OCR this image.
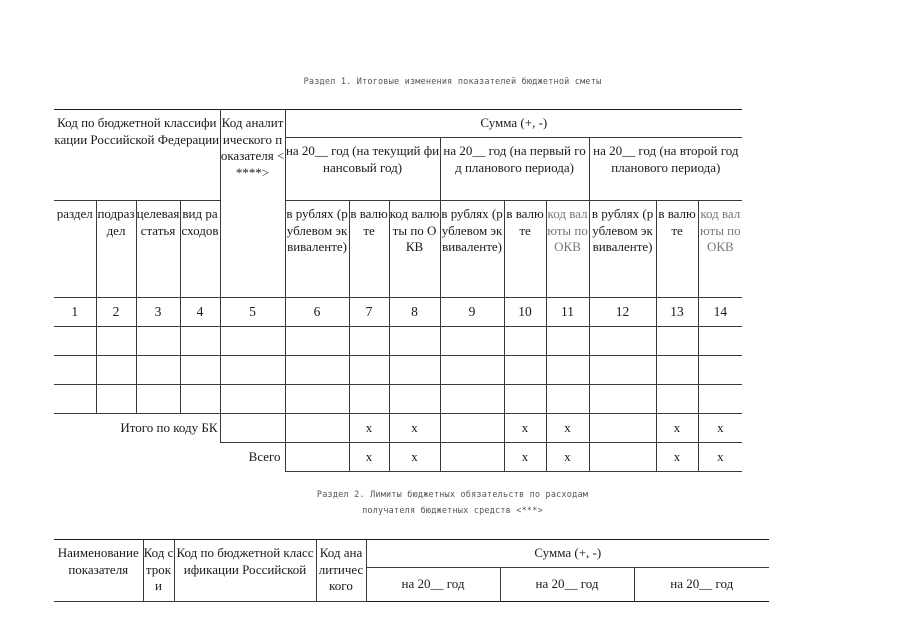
Раздел 1. Итоговые изменения показателей бюджетной сметы

Код по бюджетной классификации Российской Федерации				Код аналитического показателя <****>	Сумма (+, -)								
					на 20__ год (на текущий финансовый год)			на 20__ год (на первый год планового периода)			на 20__ год (на второй год планового периода)		
раздел	подраздел	целевая статья	вид расходов		в рублях (рублевом эквиваленте)	в валюте	код валюты по ОКВ	в рублях (рублевом эквиваленте)	в валюте	код валюты по ОКВ	в рублях (рублевом эквиваленте)	в валюте	код валюты по ОКВ
1	2	3	4	5	6	7	8	9	10	11	12	13	14

Итого по коду БК						x	x		x	x		x	x
Всего						x	x		x	x		x	x

Раздел 2. Лимиты бюджетных обязательств по расходам

получателя бюджетных средств <***>

Наименование показателя	Код строки	Код по бюджетной классификации Российской	Код аналитического	Сумма (+, -)		
				на 20__ год	на 20__ год	на 20__ год
